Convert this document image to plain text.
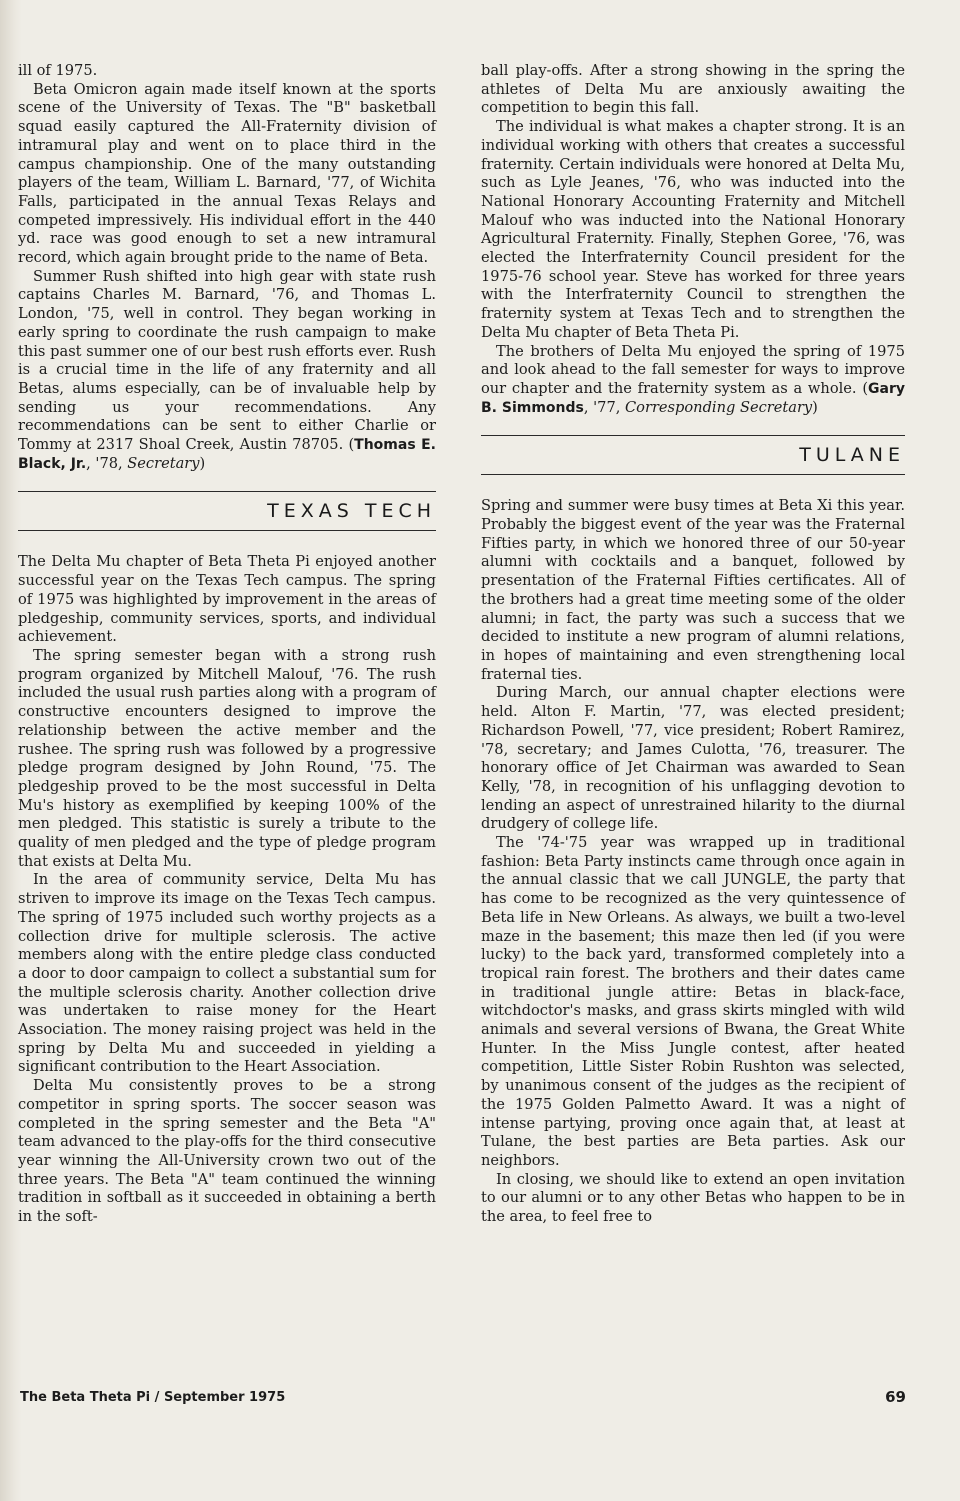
ill of 1975.

Beta Omicron again made itself known at the sports scene of the University of Texas. The "B" basketball squad easily captured the All-Fraternity division of intramural play and went on to place third in the campus championship. One of the many outstanding players of the team, William L. Barnard, '77, of Wichita Falls, participated in the annual Texas Relays and competed impressively. His individual effort in the 440 yd. race was good enough to set a new intramural record, which again brought pride to the name of Beta.

Summer Rush shifted into high gear with state rush captains Charles M. Barnard, '76, and Thomas L. London, '75, well in control. They began working in early spring to coordinate the rush campaign to make this past summer one of our best rush efforts ever. Rush is a crucial time in the life of any fraternity and all Betas, alums especially, can be of invaluable help by sending us your recommendations. Any recommendations can be sent to either Charlie or Tommy at 2317 Shoal Creek, Austin 78705. (Thomas E. Black, Jr., '78, Secretary)

TEXAS TECH

The Delta Mu chapter of Beta Theta Pi enjoyed another successful year on the Texas Tech campus. The spring of 1975 was highlighted by improvement in the areas of pledgeship, community services, sports, and individual achievement.

The spring semester began with a strong rush program organized by Mitchell Malouf, '76. The rush included the usual rush parties along with a program of constructive encounters designed to improve the relationship between the active member and the rushee. The spring rush was followed by a progressive pledge program designed by John Round, '75. The pledgeship proved to be the most successful in Delta Mu's history as exemplified by keeping 100% of the men pledged. This statistic is surely a tribute to the quality of men pledged and the type of pledge program that exists at Delta Mu.

In the area of community service, Delta Mu has striven to improve its image on the Texas Tech campus. The spring of 1975 included such worthy projects as a collection drive for multiple sclerosis. The active members along with the entire pledge class conducted a door to door campaign to collect a substantial sum for the multiple sclerosis charity. Another collection drive was undertaken to raise money for the Heart Association. The money raising project was held in the spring by Delta Mu and succeeded in yielding a significant contribution to the Heart Association.

Delta Mu consistently proves to be a strong competitor in spring sports. The soccer season was completed in the spring semester and the Beta "A" team advanced to the play-offs for the third consecutive year winning the All-University crown two out of the three years. The Beta "A" team continued the winning tradition in softball as it succeeded in obtaining a berth in the soft-

ball play-offs. After a strong showing in the spring the athletes of Delta Mu are anxiously awaiting the competition to begin this fall.

The individual is what makes a chapter strong. It is an individual working with others that creates a successful fraternity. Certain individuals were honored at Delta Mu, such as Lyle Jeanes, '76, who was inducted into the National Honorary Accounting Fraternity and Mitchell Malouf who was inducted into the National Honorary Agricultural Fraternity. Finally, Stephen Goree, '76, was elected the Interfraternity Council president for the 1975-76 school year. Steve has worked for three years with the Interfraternity Council to strengthen the fraternity system at Texas Tech and to strengthen the Delta Mu chapter of Beta Theta Pi.

The brothers of Delta Mu enjoyed the spring of 1975 and look ahead to the fall semester for ways to improve our chapter and the fraternity system as a whole. (Gary B. Simmonds, '77, Corresponding Secretary)

TULANE

Spring and summer were busy times at Beta Xi this year. Probably the biggest event of the year was the Fraternal Fifties party, in which we honored three of our 50-year alumni with cocktails and a banquet, followed by presentation of the Fraternal Fifties certificates. All of the brothers had a great time meeting some of the older alumni; in fact, the party was such a success that we decided to institute a new program of alumni relations, in hopes of maintaining and even strengthening local fraternal ties.

During March, our annual chapter elections were held. Alton F. Martin, '77, was elected president; Richardson Powell, '77, vice president; Robert Ramirez, '78, secretary; and James Culotta, '76, treasurer. The honorary office of Jet Chairman was awarded to Sean Kelly, '78, in recognition of his unflagging devotion to lending an aspect of unrestrained hilarity to the diurnal drudgery of college life.

The '74-'75 year was wrapped up in traditional fashion: Beta Party instincts came through once again in the annual classic that we call JUNGLE, the party that has come to be recognized as the very quintessence of Beta life in New Orleans. As always, we built a two-level maze in the basement; this maze then led (if you were lucky) to the back yard, transformed completely into a tropical rain forest. The brothers and their dates came in traditional jungle attire: Betas in black-face, witchdoctor's masks, and grass skirts mingled with wild animals and several versions of Bwana, the Great White Hunter. In the Miss Jungle contest, after heated competition, Little Sister Robin Rushton was selected, by unanimous consent of the judges as the recipient of the 1975 Golden Palmetto Award. It was a night of intense partying, proving once again that, at least at Tulane, the best parties are Beta parties. Ask our neighbors.

In closing, we should like to extend an open invitation to our alumni or to any other Betas who happen to be in the area, to feel free to

The Beta Theta Pi / September 1975	69
